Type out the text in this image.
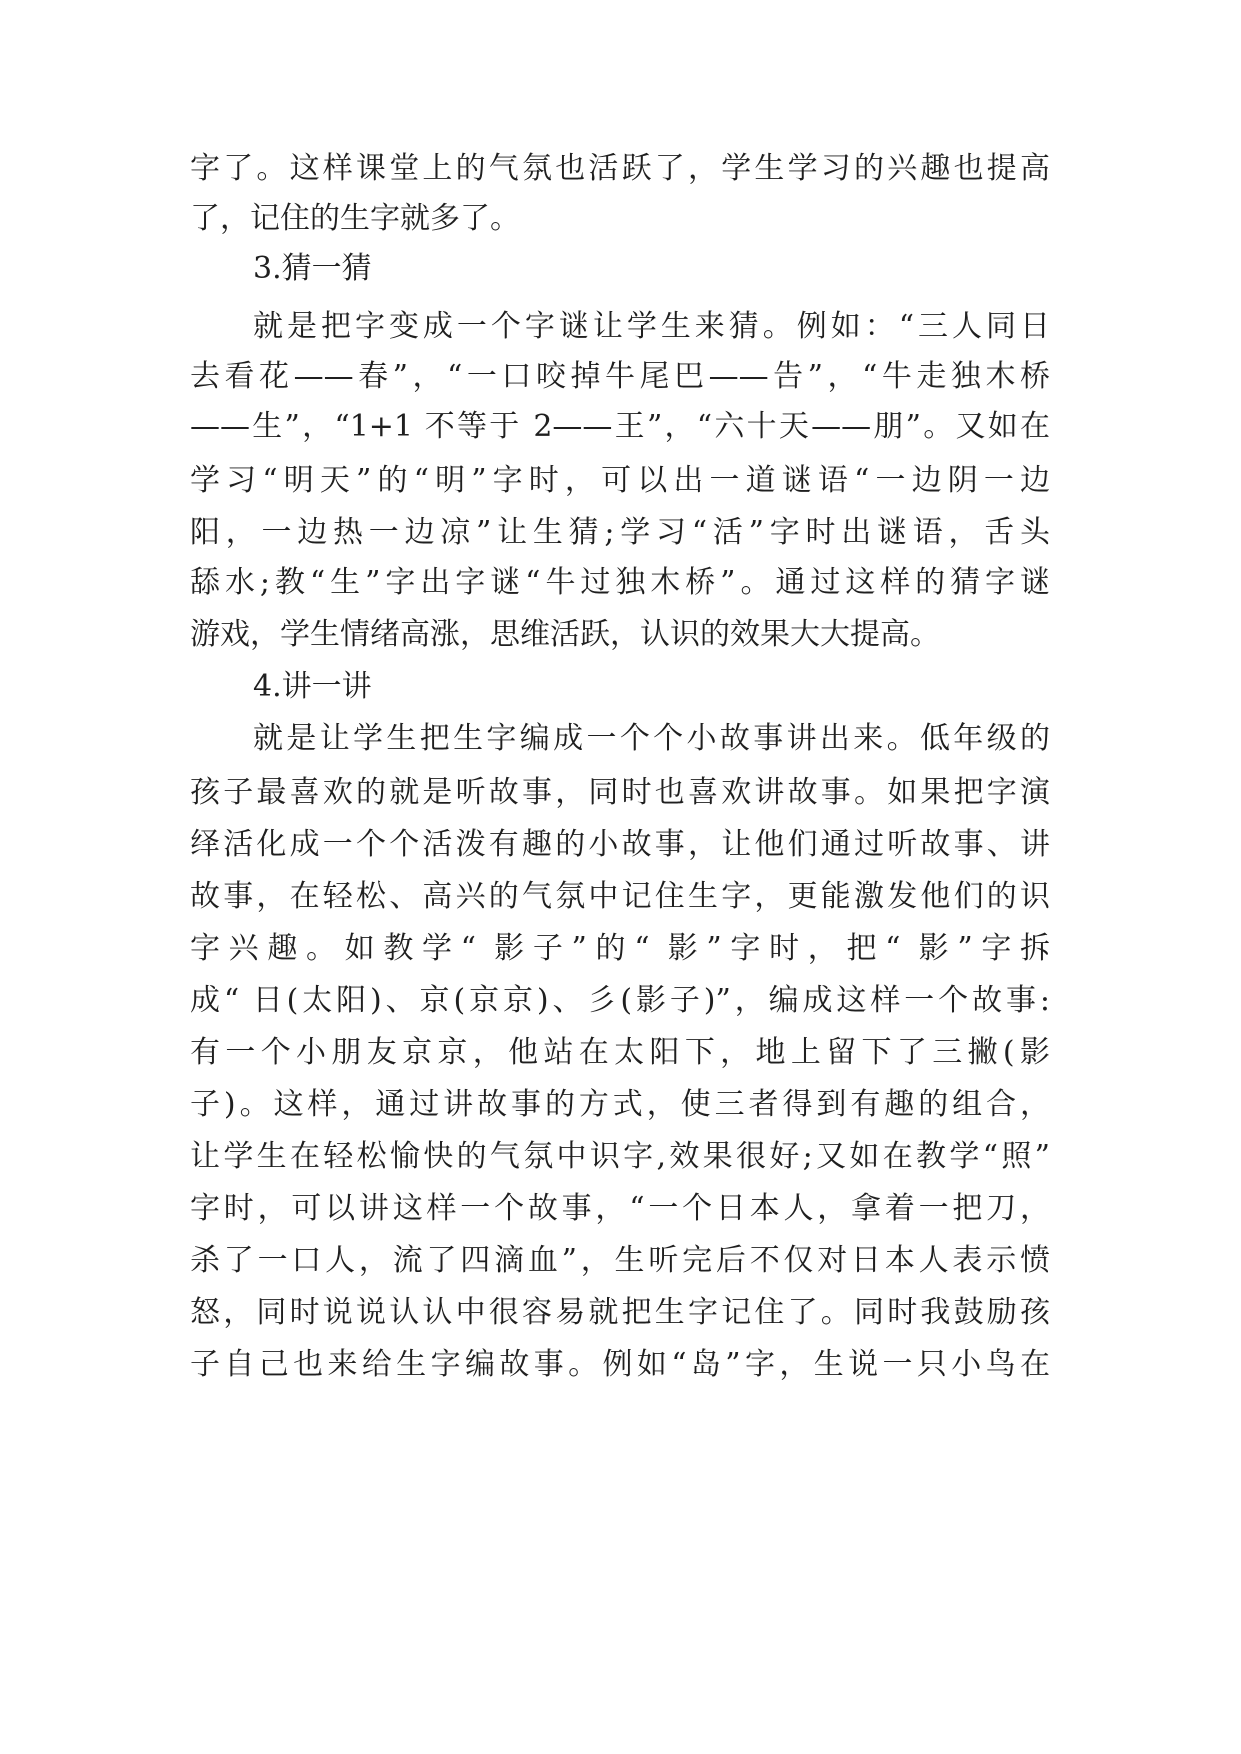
字了。这样课堂上的气氛也活跃了，学生学习的兴趣也提高

了，记住的生字就多了。

3.猜一猜

就是把字变成一个字谜让学生来猜。例如：“三人同日

去看花——春”，“一口咬掉牛尾巴——告”，“牛走独木桥

——生”，“1+1 不等于 2——王”，“六十天——朋”。又如在

学习“明天”的“明”字时，可以出一道谜语“一边阴一边

阳，一边热一边凉”让生猜;学习“活”字时出谜语，舌头

舔水;教“生”字出字谜“牛过独木桥”。通过这样的猜字谜

游戏，学生情绪高涨，思维活跃，认识的效果大大提高。

4.讲一讲

就是让学生把生字编成一个个小故事讲出来。低年级的

孩子最喜欢的就是听故事，同时也喜欢讲故事。如果把字演

绎活化成一个个活泼有趣的小故事，让他们通过听故事、讲

故事，在轻松、高兴的气氛中记住生字，更能激发他们的识

字兴趣。如教学“ 影子”的“ 影”字时，把“ 影”字拆

成“ 日(太阳)、京(京京)、彡(影子)”，编成这样一个故事:

有一个小朋友京京，他站在太阳下，地上留下了三撇(影

子)。这样，通过讲故事的方式，使三者得到有趣的组合，

让学生在轻松愉快的气氛中识字,效果很好;又如在教学“照”

字时，可以讲这样一个故事，“一个日本人，拿着一把刀，

杀了一口人，流了四滴血”，生听完后不仅对日本人表示愤

怒，同时说说认认中很容易就把生字记住了。同时我鼓励孩

子自己也来给生字编故事。例如“岛”字，生说一只小鸟在
